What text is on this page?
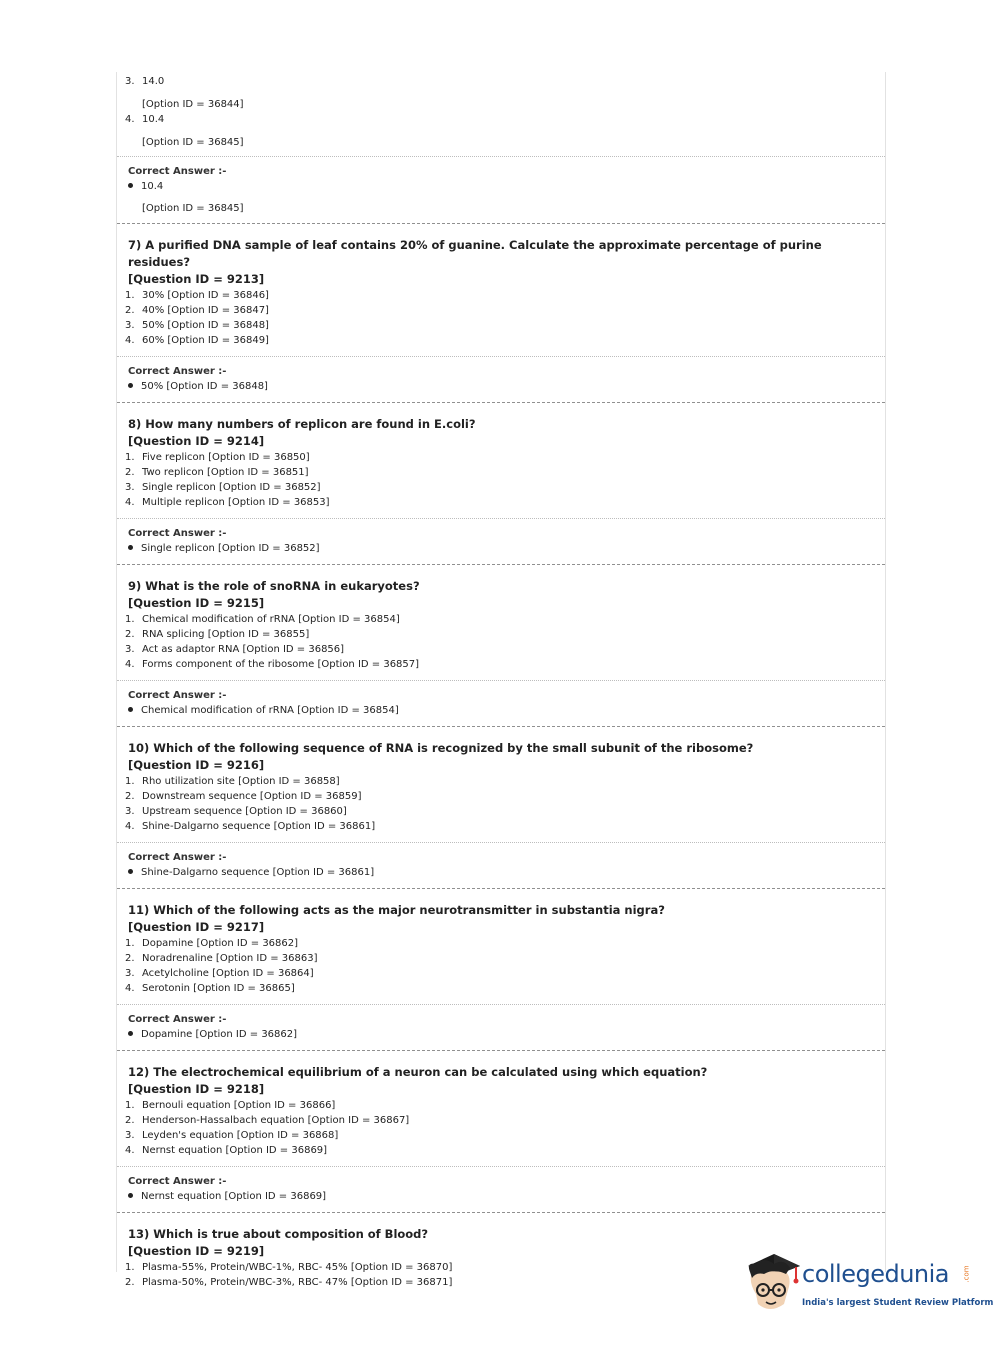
3. 14.0
[Option ID = 36844]
4. 10.4
[Option ID = 36845]
Correct Answer :-
10.4
[Option ID = 36845]
7) A purified DNA sample of leaf contains 20% of guanine. Calculate the approximate percentage of purine residues?
[Question ID = 9213]
1. 30% [Option ID = 36846]
2. 40% [Option ID = 36847]
3. 50% [Option ID = 36848]
4. 60% [Option ID = 36849]
Correct Answer :-
50% [Option ID = 36848]
8) How many numbers of replicon are found in E.coli?
[Question ID = 9214]
1. Five replicon [Option ID = 36850]
2. Two replicon [Option ID = 36851]
3. Single replicon [Option ID = 36852]
4. Multiple replicon [Option ID = 36853]
Correct Answer :-
Single replicon [Option ID = 36852]
9) What is the role of snoRNA in eukaryotes?
[Question ID = 9215]
1. Chemical modification of rRNA [Option ID = 36854]
2. RNA splicing [Option ID = 36855]
3. Act as adaptor RNA [Option ID = 36856]
4. Forms component of the ribosome [Option ID = 36857]
Correct Answer :-
Chemical modification of rRNA [Option ID = 36854]
10) Which of the following sequence of RNA is recognized by the small subunit of the ribosome?
[Question ID = 9216]
1. Rho utilization site [Option ID = 36858]
2. Downstream sequence [Option ID = 36859]
3. Upstream sequence [Option ID = 36860]
4. Shine-Dalgarno sequence [Option ID = 36861]
Correct Answer :-
Shine-Dalgarno sequence [Option ID = 36861]
11) Which of the following acts as the major neurotransmitter in substantia nigra?
[Question ID = 9217]
1. Dopamine [Option ID = 36862]
2. Noradrenaline [Option ID = 36863]
3. Acetylcholine [Option ID = 36864]
4. Serotonin [Option ID = 36865]
Correct Answer :-
Dopamine [Option ID = 36862]
12) The electrochemical equilibrium of a neuron can be calculated using which equation?
[Question ID = 9218]
1. Bernouli equation [Option ID = 36866]
2. Henderson-Hassalbach equation [Option ID = 36867]
3. Leyden's equation [Option ID = 36868]
4. Nernst equation [Option ID = 36869]
Correct Answer :-
Nernst equation [Option ID = 36869]
13) Which is true about composition of Blood?
[Question ID = 9219]
1. Plasma-55%, Protein/WBC-1%, RBC- 45% [Option ID = 36870]
2. Plasma-50%, Protein/WBC-3%, RBC- 47% [Option ID = 36871]	collegedunia .com
India's largest Student Review Platform
